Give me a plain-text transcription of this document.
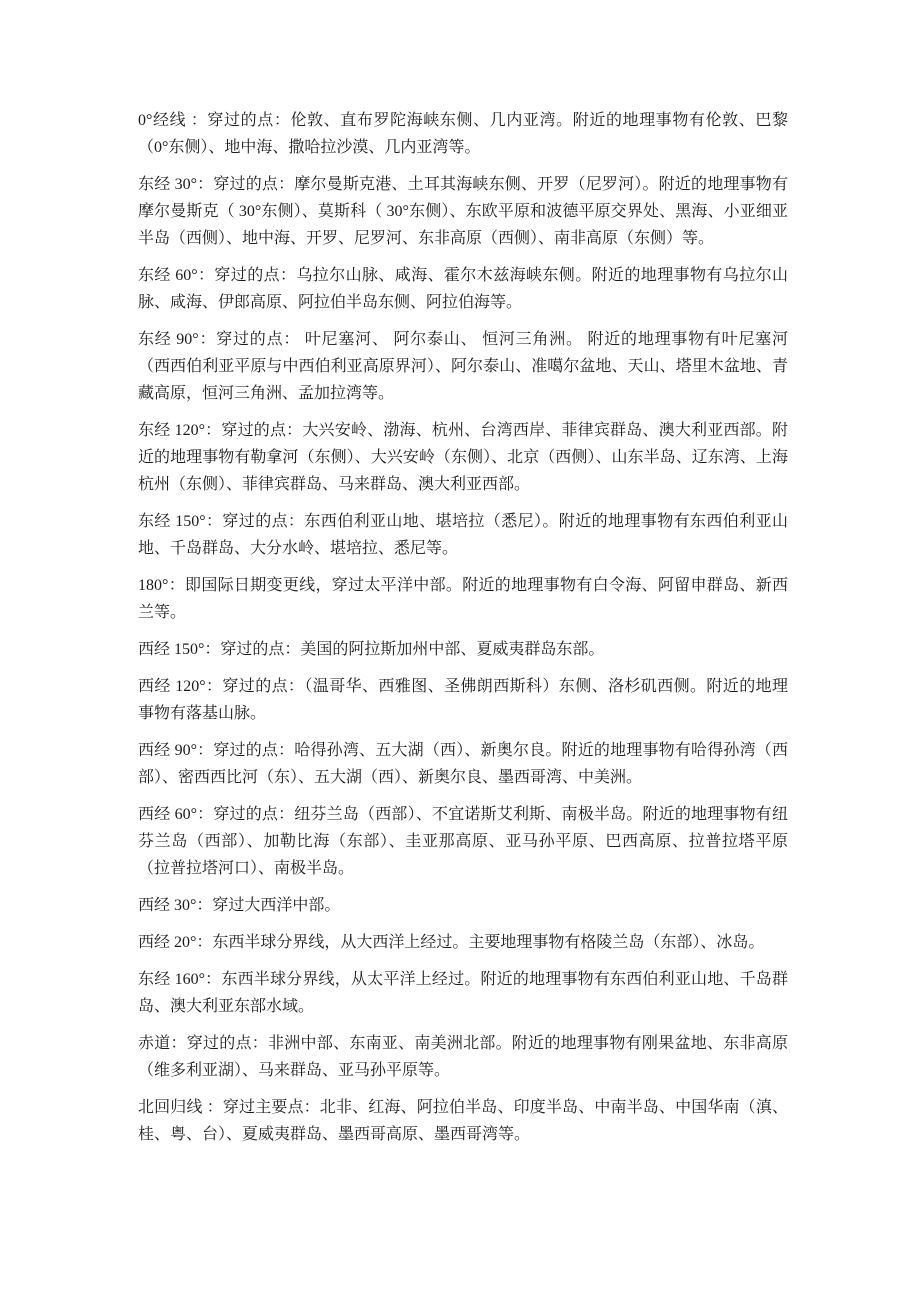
0°经线 ：穿过的点：伦敦、直布罗陀海峡东侧、几内亚湾。附近的地理事物有伦敦、巴黎（0°东侧）、地中海、撒哈拉沙漠、几内亚湾等。

东经 30°：穿过的点：摩尔曼斯克港、土耳其海峡东侧、开罗（尼罗河）。附近的地理事物有摩尔曼斯克（ 30°东侧）、莫斯科（ 30°东侧）、东欧平原和波德平原交界处、黑海、小亚细亚半岛（西侧）、地中海、开罗、尼罗河、东非高原（西侧）、南非高原（东侧）等。

东经 60°：穿过的点：乌拉尔山脉、咸海、霍尔木兹海峡东侧。附近的地理事物有乌拉尔山脉、咸海、伊郎高原、阿拉伯半岛东侧、阿拉伯海等。

东经 90°：穿过的点： 叶尼塞河、 阿尔泰山、 恒河三角洲。 附近的地理事物有叶尼塞河 （西西伯利亚平原与中西伯利亚高原界河）、阿尔泰山、准噶尔盆地、天山、塔里木盆地、青藏高原，恒河三角洲、孟加拉湾等。

东经 120°：穿过的点：大兴安岭、渤海、杭州、台湾西岸、菲律宾群岛、澳大利亚西部。附近的地理事物有勒拿河（东侧）、大兴安岭（东侧）、北京（西侧）、山东半岛、辽东湾、上海杭州（东侧）、菲律宾群岛、马来群岛、澳大利亚西部。

东经 150°：穿过的点：东西伯利亚山地、堪培拉（悉尼）。附近的地理事物有东西伯利亚山地、千岛群岛、大分水岭、堪培拉、悉尼等。

180°：即国际日期变更线，穿过太平洋中部。附近的地理事物有白令海、阿留申群岛、新西兰等。

西经 150°：穿过的点：美国的阿拉斯加州中部、夏威夷群岛东部。

西经 120°：穿过的点：（温哥华、西雅图、圣佛朗西斯科）东侧、洛杉矶西侧。附近的地理事物有落基山脉。

西经 90°：穿过的点：哈得孙湾、五大湖（西）、新奥尔良。附近的地理事物有哈得孙湾（西部）、密西西比河（东）、五大湖（西）、新奥尔良、墨西哥湾、中美洲。

西经 60°：穿过的点：纽芬兰岛（西部）、不宜诺斯艾利斯、南极半岛。附近的地理事物有纽芬兰岛（西部）、加勒比海（东部）、圭亚那高原、亚马孙平原、巴西高原、拉普拉塔平原（拉普拉塔河口）、南极半岛。

西经 30°：穿过大西洋中部。

西经 20°：东西半球分界线，从大西洋上经过。主要地理事物有格陵兰岛（东部）、冰岛。

东经 160°：东西半球分界线，从太平洋上经过。附近的地理事物有东西伯利亚山地、千岛群岛、澳大利亚东部水域。

赤道：穿过的点：非洲中部、东南亚、南美洲北部。附近的地理事物有刚果盆地、东非高原（维多利亚湖）、马来群岛、亚马孙平原等。

北回归线 ：穿过主要点：北非、红海、阿拉伯半岛、印度半岛、中南半岛、中国华南（滇、桂、粤、台）、夏威夷群岛、墨西哥高原、墨西哥湾等。
